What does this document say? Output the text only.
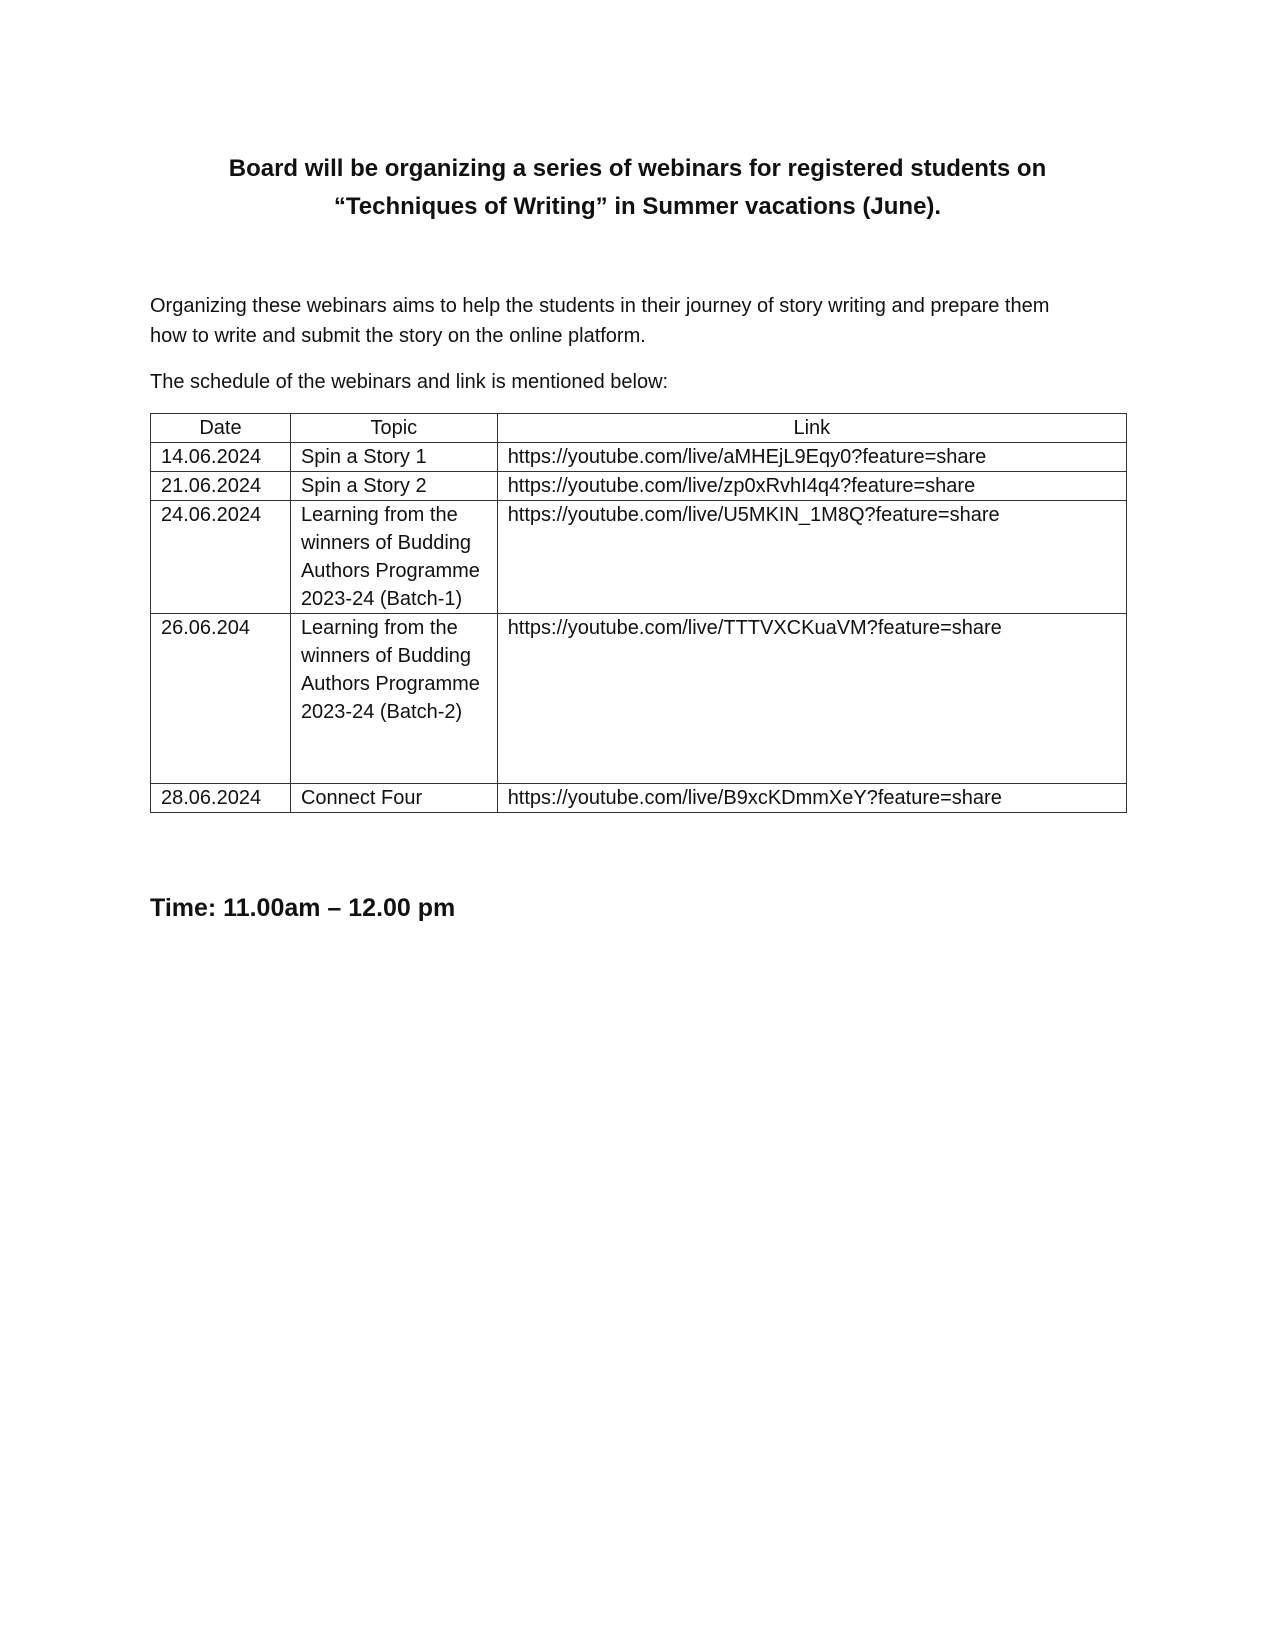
Board will be organizing a series of webinars for registered students on
“Techniques of Writing” in Summer vacations (June).
Organizing these webinars aims to help the students in their journey of story writing and prepare them
how to write and submit the story on the online platform.
The schedule of the webinars and link is mentioned below:
Date	Topic	Link
14.06.2024	Spin a Story 1	https://youtube.com/live/aMHEjL9Eqy0?feature=share
21.06.2024	Spin a Story 2	https://youtube.com/live/zp0xRvhI4q4?feature=share
24.06.2024	Learning from the winners of Budding Authors Programme 2023-24 (Batch-1)	https://youtube.com/live/U5MKIN_1M8Q?feature=share
26.06.204	Learning from the winners of Budding Authors Programme 2023-24 (Batch-2)	https://youtube.com/live/TTTVXCKuaVM?feature=share
28.06.2024	Connect Four	https://youtube.com/live/B9xcKDmmXeY?feature=share
Time: 11.00am – 12.00 pm
